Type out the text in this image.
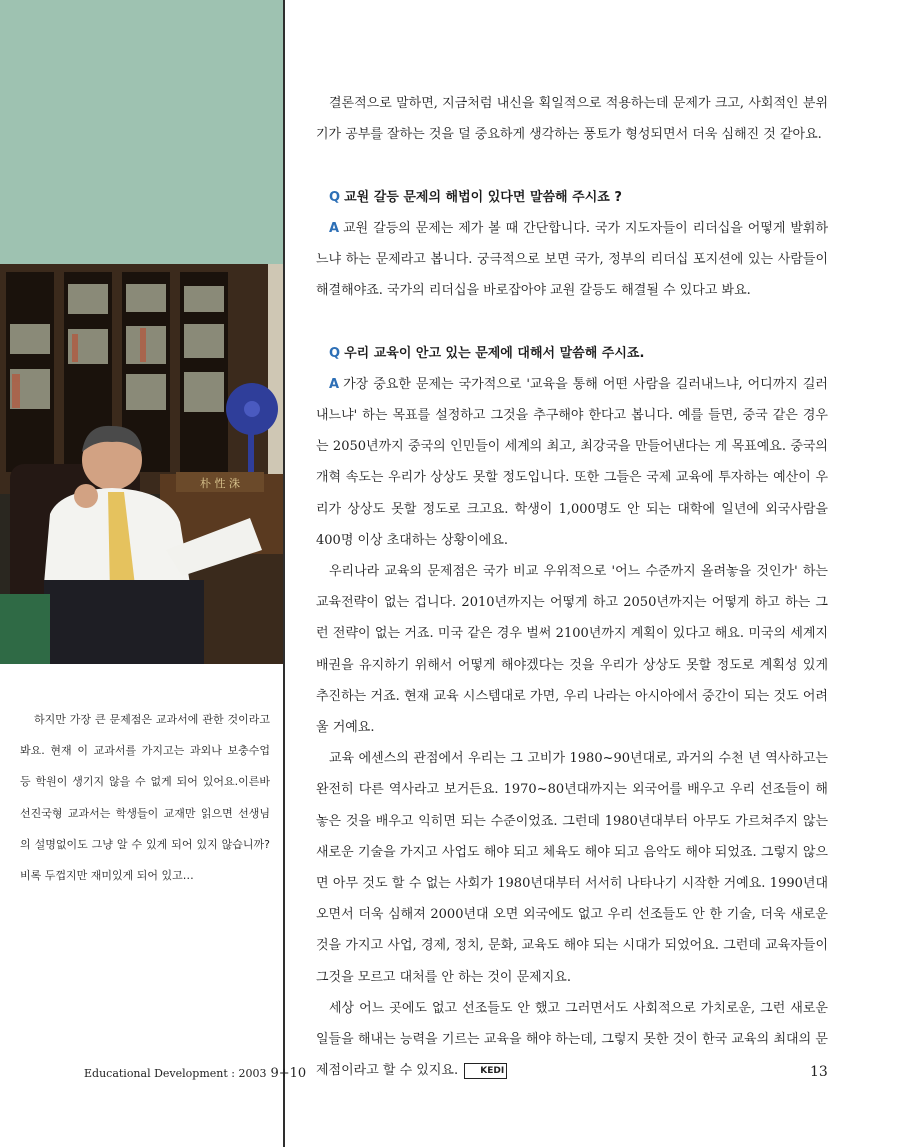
朴 性 洙

하지만 가장 큰 문제점은 교과서에 관한 것이라고 봐요. 현재 이 교과서를 가지고는 과외나 보충수업 등 학원이 생기지 않을 수 없게 되어 있어요.이른바 선진국형 교과서는 학생들이 교재만 읽으면 선생님의 설명없이도 그냥 알 수 있게 되어 있지 않습니까? 비록 두껍지만 재미있게 되어 있고…

결론적으로 말하면, 지금처럼 내신을 획일적으로 적용하는데 문제가 크고, 사회적인 분위기가 공부를 잘하는 것을 덜 중요하게 생각하는 풍토가 형성되면서 더욱 심해진 것 같아요.

Q 교원 갈등 문제의 해법이 있다면 말씀해 주시죠 ?

A 교원 갈등의 문제는 제가 볼 때 간단합니다. 국가 지도자들이 리더십을 어떻게 발휘하느냐 하는 문제라고 봅니다. 궁극적으로 보면 국가, 정부의 리더십 포지션에 있는 사람들이 해결해야죠. 국가의 리더십을 바로잡아야 교원 갈등도 해결될 수 있다고 봐요.

Q 우리 교육이 안고 있는 문제에 대해서 말씀해 주시죠.

A 가장 중요한 문제는 국가적으로 '교육을 통해 어떤 사람을 길러내느냐, 어디까지 길러내느냐' 하는 목표를 설정하고 그것을 추구해야 한다고 봅니다. 예를 들면, 중국 같은 경우는 2050년까지 중국의 인민들이 세계의 최고, 최강국을 만들어낸다는 게 목표예요. 중국의 개혁 속도는 우리가 상상도 못할 정도입니다. 또한 그들은 국제 교육에 투자하는 예산이 우리가 상상도 못할 정도로 크고요. 학생이 1,000명도 안 되는 대학에 일년에 외국사람을 400명 이상 초대하는 상황이에요.

우리나라 교육의 문제점은 국가 비교 우위적으로 '어느 수준까지 올려놓을 것인가' 하는 교육전략이 없는 겁니다. 2010년까지는 어떻게 하고 2050년까지는 어떻게 하고 하는 그런 전략이 없는 거죠. 미국 같은 경우 벌써 2100년까지 계획이 있다고 해요. 미국의 세계지배권을 유지하기 위해서 어떻게 해야겠다는 것을 우리가 상상도 못할 정도로 계획성 있게 추진하는 거죠. 현재 교육 시스템대로 가면, 우리 나라는 아시아에서 중간이 되는 것도 어려울 거예요.

교육 에센스의 관점에서 우리는 그 고비가 1980~90년대로, 과거의 수천 년 역사하고는 완전히 다른 역사라고 보거든요. 1970~80년대까지는 외국어를 배우고 우리 선조들이 해놓은 것을 배우고 익히면 되는 수준이었죠. 그런데 1980년대부터 아무도 가르쳐주지 않는 새로운 기술을 가지고 사업도 해야 되고 체육도 해야 되고 음악도 해야 되었죠. 그렇지 않으면 아무 것도 할 수 없는 사회가 1980년대부터 서서히 나타나기 시작한 거예요. 1990년대 오면서 더욱 심해져 2000년대 오면 외국에도 없고 우리 선조들도 안 한 기술, 더욱 새로운 것을 가지고 사업, 경제, 정치, 문화, 교육도 해야 되는 시대가 되었어요. 그런데 교육자들이 그것을 모르고 대처를 안 하는 것이 문제지요.

세상 어느 곳에도 없고 선조들도 안 했고 그러면서도 사회적으로 가치로운, 그런 새로운 일들을 해내는 능력을 기르는 교육을 해야 하는데, 그렇지 못한 것이 한국 교육의 최대의 문제점이라고 할 수 있지요. KEDI

Educational Development : 2003 9+10	13
